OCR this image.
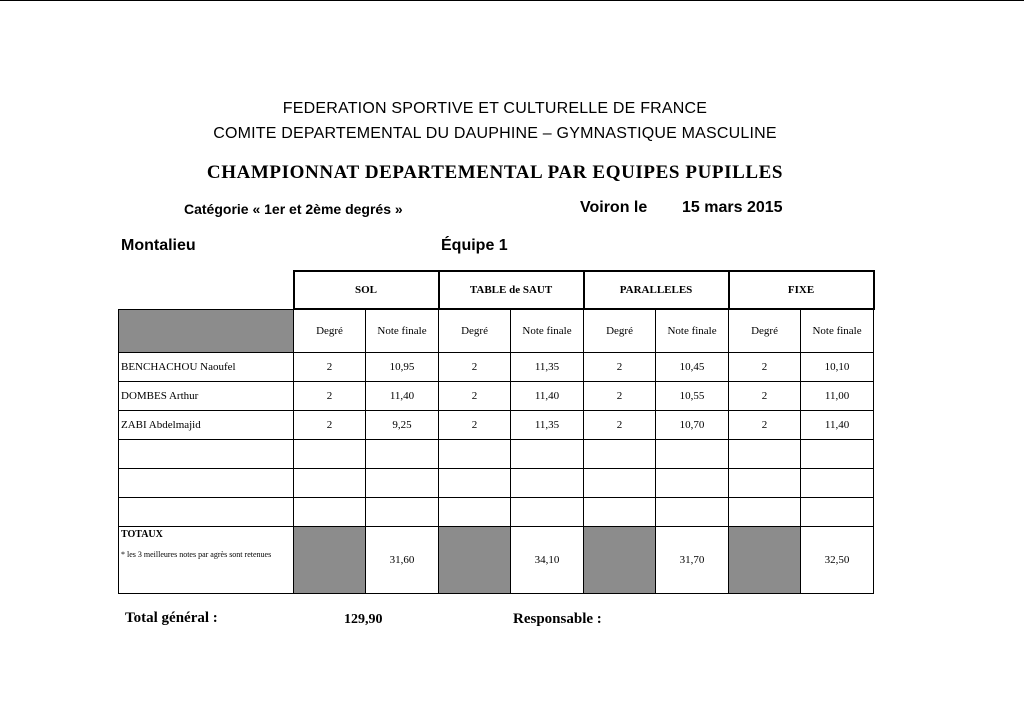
FEDERATION SPORTIVE ET CULTURELLE DE FRANCE
COMITE DEPARTEMENTAL DU DAUPHINE – GYMNASTIQUE MASCULINE
CHAMPIONNAT DEPARTEMENTAL PAR EQUIPES PUPILLES
Catégorie « 1er et 2ème degrés »	Voiron le 15 mars 2015
Montalieu	Équipe 1
	SOL		TABLE de SAUT		PARALLELES		FIXE	
	Degré	Note finale	Degré	Note finale	Degré	Note finale	Degré	Note finale
BENCHACHOU Naoufel	2	10,95	2	11,35	2	10,45	2	10,10
DOMBES Arthur	2	11,40	2	11,40	2	10,55	2	11,00
ZABI Abdelmajid	2	9,25	2	11,35	2	10,70	2	11,40

TOTAUX
* les 3 meilleures notes par agrès sont retenues		31,60		34,10		31,70		32,50
Total général :	129,90	Responsable :
